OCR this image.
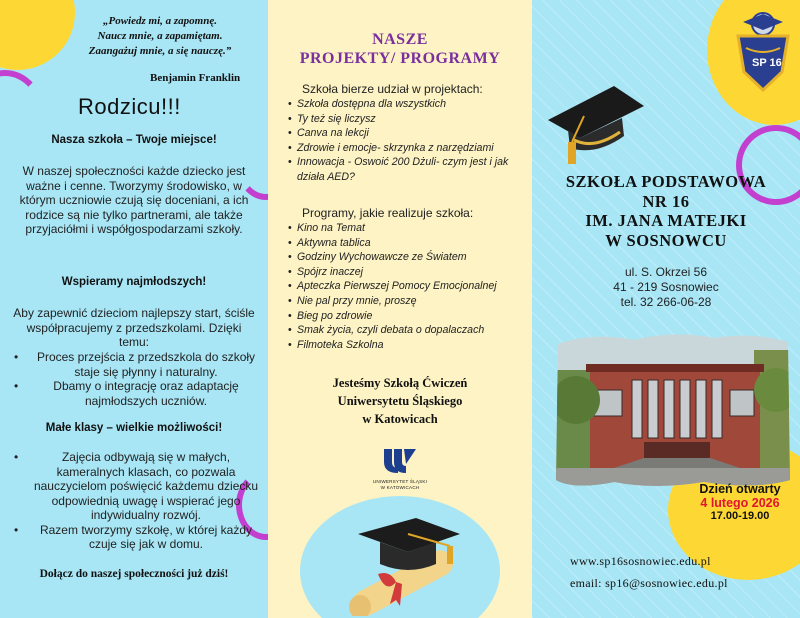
„Powiedz mi, a zapomnę.
Naucz mnie, a zapamiętam.
Zaangażuj mnie, a się nauczę.”
Benjamin Franklin
Rodzicu!!!
Nasza szkoła – Twoje miejsce!
W naszej społeczności każde dziecko jest ważne i cenne. Tworzymy środowisko, w którym uczniowie czują się doceniani, a ich rodzice są nie tylko partnerami, ale także przyjaciółmi i współgospodarzami szkoły.
Wspieramy najmłodszych!
Aby zapewnić dzieciom najlepszy start, ściśle współpracujemy z przedszkolami. Dzięki temu:
• Proces przejścia z przedszkola do szkoły staje się płynny i naturalny.
• Dbamy o integrację oraz adaptację najmłodszych uczniów.
Małe klasy – wielkie możliwości!
• Zajęcia odbywają się w małych, kameralnych klasach, co pozwala nauczycielom poświęcić każdemu dziecku odpowiednią uwagę i wspierać jego indywidualny rozwój.
• Razem tworzymy szkołę, w której każdy czuje się jak w domu.
Dołącz do naszej społeczności już dziś!
NASZE
PROJEKTY/ PROGRAMY
Szkoła bierze udział w projektach:
• Szkoła dostępna dla wszystkich
• Ty też się liczysz
• Canva na lekcji
• Zdrowie i emocje- skrzynka z narzędziami
• Innowacja - Oswoić 200 Dżuli- czym jest i jak działa AED?
Programy, jakie realizuje szkoła:
• Kino na Temat
• Aktywna tablica
• Godziny Wychowawcze ze Światem
• Spójrz inaczej
• Apteczka Pierwszej Pomocy Emocjonalnej
• Nie pal przy mnie, proszę
• Bieg po zdrowie
• Smak życia, czyli debata o dopalaczach
• Filmoteka Szkolna
Jesteśmy Szkołą Ćwiczeń
Uniwersytetu Śląskiego
w Katowicach
UNIWERSYTET ŚLĄSKI
W KATOWICACH
SP 16
SZKOŁA PODSTAWOWA
NR 16
IM. JANA MATEJKI
W SOSNOWCU
ul. S. Okrzei 56
41 - 219 Sosnowiec
tel. 32 266-06-28
Dzień otwarty
4 lutego 2026
17.00-19.00
www.sp16sosnowiec.edu.pl
email: sp16@sosnowiec.edu.pl
